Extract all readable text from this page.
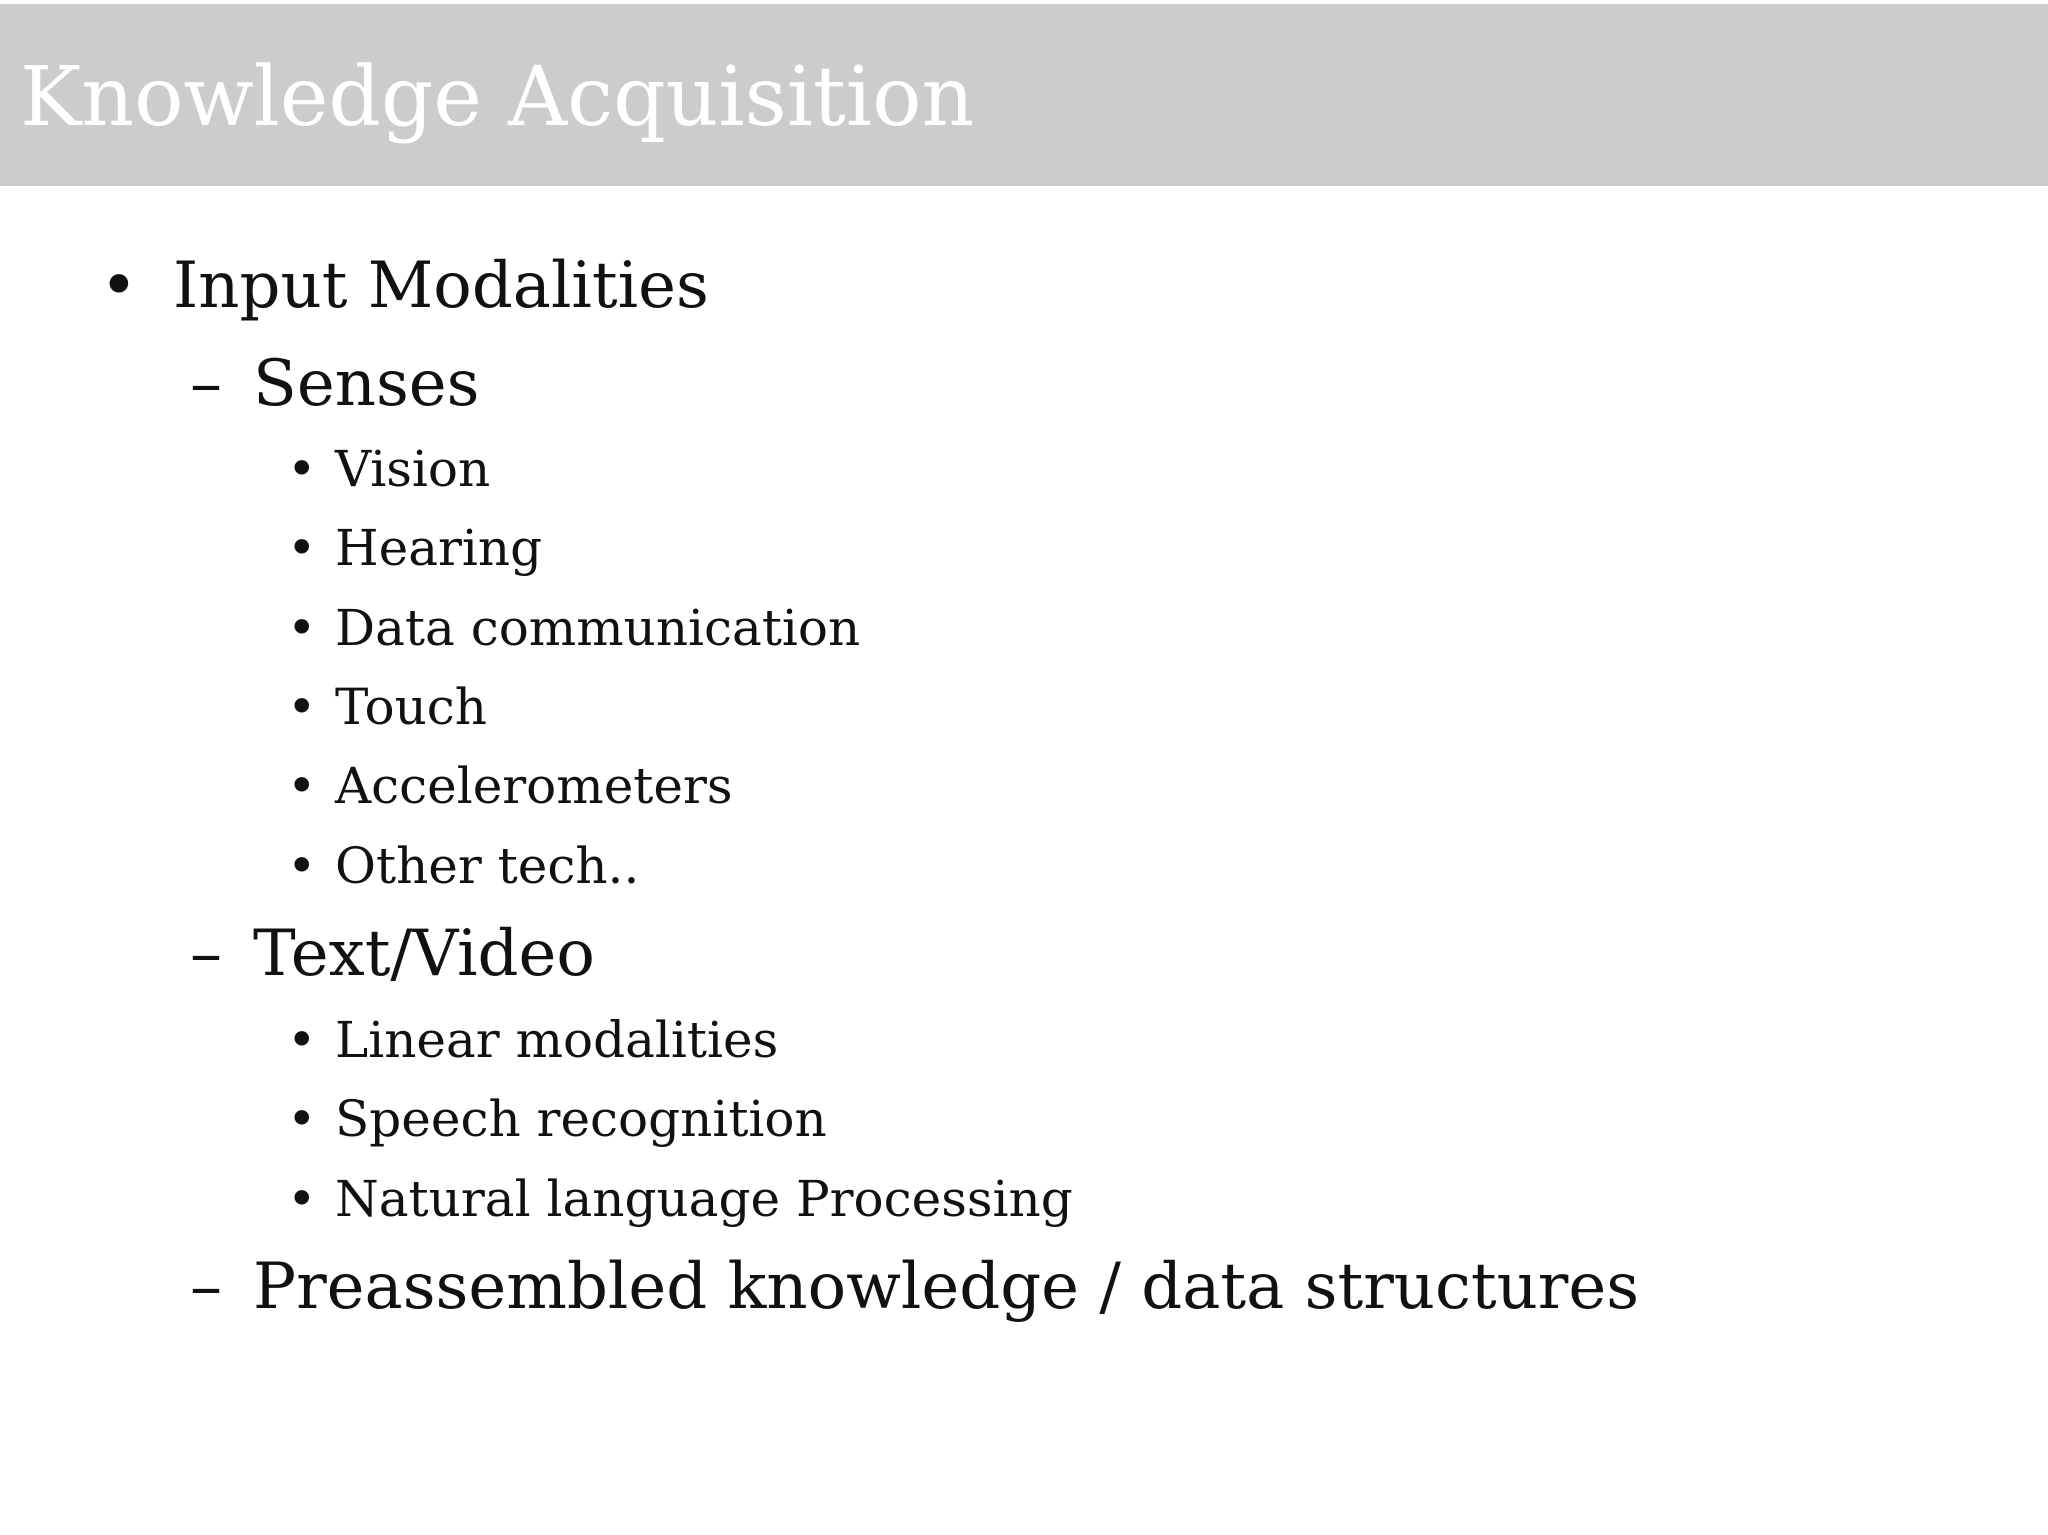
Knowledge Acquisition
• Input Modalities
– Senses
• Vision
• Hearing
• Data communication
• Touch
• Accelerometers
• Other tech..
– Text/Video
• Linear modalities
• Speech recognition
• Natural language Processing
– Preassembled knowledge / data structures
